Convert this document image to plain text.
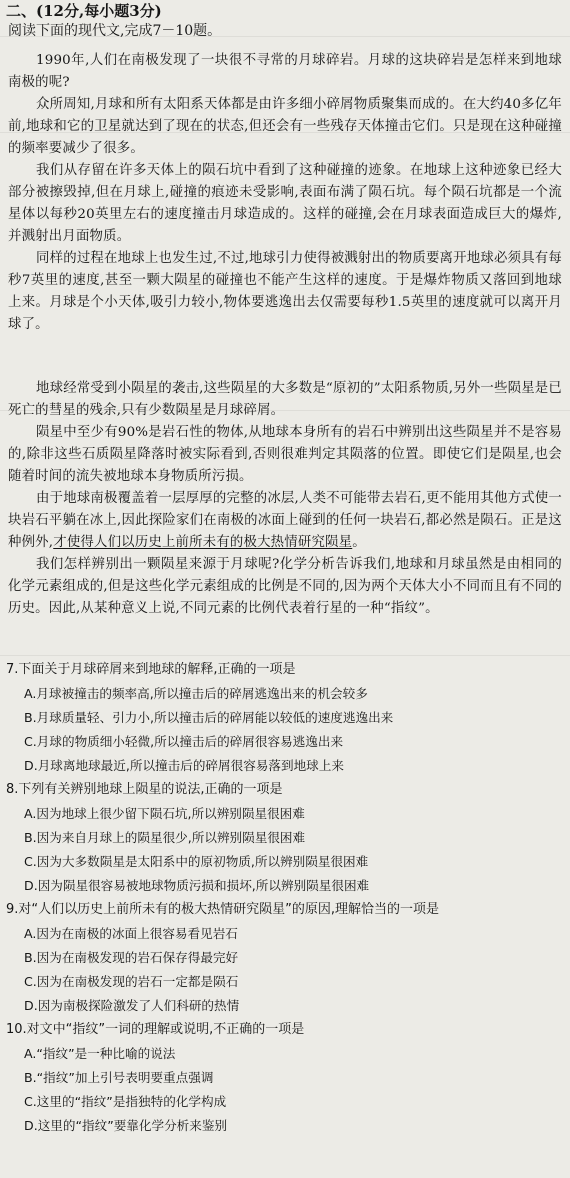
二、(12分,每小题3分)
阅读下面的现代文,完成7－10题。

1990年,人们在南极发现了一块很不寻常的月球碎岩。月球的这块碎岩是怎样来到地球南极的呢?

众所周知,月球和所有太阳系天体都是由许多细小碎屑物质聚集而成的。在大约40多亿年前,地球和它的卫星就达到了现在的状态,但还会有一些残存天体撞击它们。只是现在这种碰撞的频率要减少了很多。

我们从存留在许多天体上的陨石坑中看到了这种碰撞的迹象。在地球上这种迹象已经大部分被擦毁掉,但在月球上,碰撞的痕迹未受影响,表面布满了陨石坑。每个陨石坑都是一个流星体以每秒20英里左右的速度撞击月球造成的。这样的碰撞,会在月球表面造成巨大的爆炸,并溅射出月面物质。

同样的过程在地球上也发生过,不过,地球引力使得被溅射出的物质要离开地球必须具有每秒7英里的速度,甚至一颗大陨星的碰撞也不能产生这样的速度。于是爆炸物质又落回到地球上来。月球是个小天体,吸引力较小,物体要逃逸出去仅需要每秒1.5英里的速度就可以离开月球了。

地球经常受到小陨星的袭击,这些陨星的大多数是“原初的”太阳系物质,另外一些陨星是已死亡的彗星的残余,只有少数陨星是月球碎屑。

陨星中至少有90%是岩石性的物体,从地球本身所有的岩石中辨别出这些陨星并不是容易的,除非这些石质陨星降落时被实际看到,否则很难判定其陨落的位置。即使它们是陨星,也会随着时间的流失被地球本身物质所污损。

由于地球南极覆盖着一层厚厚的完整的冰层,人类不可能带去岩石,更不能用其他方式使一块岩石平躺在冰上,因此探险家们在南极的冰面上碰到的任何一块岩石,都必然是陨石。正是这种例外,才使得人们以历史上前所未有的极大热情研究陨星。

我们怎样辨别出一颗陨星来源于月球呢?化学分析告诉我们,地球和月球虽然是由相同的化学元素组成的,但是这些化学元素组成的比例是不同的,因为两个天体大小不同而且有不同的历史。因此,从某种意义上说,不同元素的比例代表着行星的一种“指纹”。

7.下面关于月球碎屑来到地球的解释,正确的一项是

A.月球被撞击的频率高,所以撞击后的碎屑逃逸出来的机会较多
B.月球质量轻、引力小,所以撞击后的碎屑能以较低的速度逃逸出来
C.月球的物质细小轻微,所以撞击后的碎屑很容易逃逸出来
D.月球离地球最近,所以撞击后的碎屑很容易落到地球上来

8.下列有关辨别地球上陨星的说法,正确的一项是

A.因为地球上很少留下陨石坑,所以辨别陨星很困难
B.因为来自月球上的陨星很少,所以辨别陨星很困难
C.因为大多数陨星是太阳系中的原初物质,所以辨别陨星很困难
D.因为陨星很容易被地球物质污损和损坏,所以辨别陨星很困难

9.对“人们以历史上前所未有的极大热情研究陨星”的原因,理解恰当的一项是

A.因为在南极的冰面上很容易看见岩石
B.因为在南极发现的岩石保存得最完好
C.因为在南极发现的岩石一定都是陨石
D.因为南极探险激发了人们科研的热情

10.对文中“指纹”一词的理解或说明,不正确的一项是

A.“指纹”是一种比喻的说法
B.“指纹”加上引号表明要重点强调
C.这里的“指纹”是指独特的化学构成
D.这里的“指纹”要靠化学分析来鉴别
